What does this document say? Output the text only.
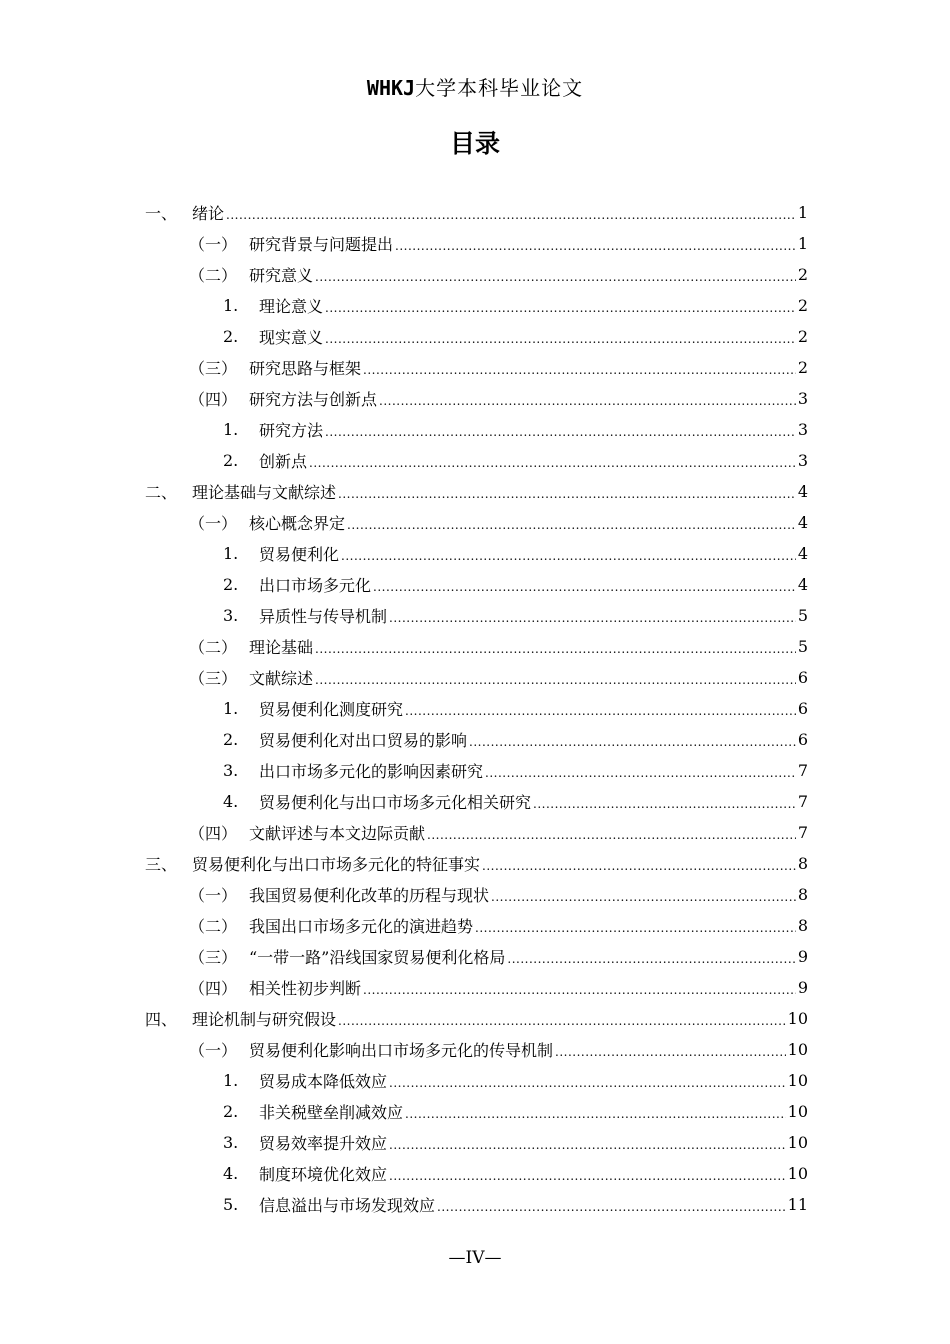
WHKJ大学本科毕业论文
目录
一、 绪论 .....	1
（一） 研究背景与问题提出 .....	1
（二） 研究意义 .....	2
1.	理论意义 .....	2
2.	现实意义 .....	2
（三） 研究思路与框架 .....	2
（四） 研究方法与创新点 .....	3
1.	研究方法 .....	3
2.	创新点 .....	3
二、 理论基础与文献综述 .....	4
（一） 核心概念界定 .....	4
1.	贸易便利化 .....	4
2.	出口市场多元化 .....	4
3.	异质性与传导机制 .....	5
（二） 理论基础 .....	5
（三） 文献综述 .....	6
1.	贸易便利化测度研究 .....	6
2.	贸易便利化对出口贸易的影响 .....	6
3.	出口市场多元化的影响因素研究 .....	7
4.	贸易便利化与出口市场多元化相关研究 .....	7
（四） 文献评述与本文边际贡献 .....	7
三、 贸易便利化与出口市场多元化的特征事实 .....	8
（一） 我国贸易便利化改革的历程与现状 .....	8
（二） 我国出口市场多元化的演进趋势 .....	8
（三） “一带一路”沿线国家贸易便利化格局 .....	9
（四） 相关性初步判断 .....	9
四、 理论机制与研究假设 .....	10
（一） 贸易便利化影响出口市场多元化的传导机制 .....	10
1.	贸易成本降低效应 .....	10
2.	非关税壁垒削减效应 .....	10
3.	贸易效率提升效应 .....	10
4.	制度环境优化效应 .....	10
5.	信息溢出与市场发现效应 .....	11
—IV—
